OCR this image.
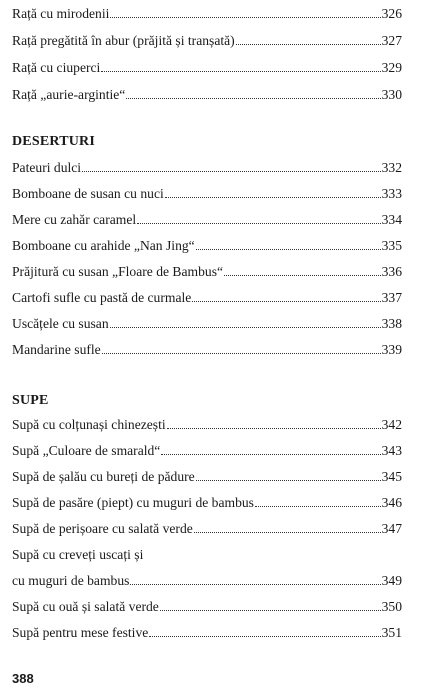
Rață cu mirodenii	326
Rață pregătită în abur (prăjită și tranșată)	327
Rață cu ciuperci	329
Rață „aurie-argintie“	330
DESERTURI
Pateuri dulci	332
Bomboane de susan cu nuci	333
Mere cu zahăr caramel	334
Bomboane cu arahide „Nan Jing“	335
Prăjitură cu susan „Floare de Bambus“	336
Cartofi sufle cu pastă de curmale	337
Uscățele cu susan	338
Mandarine sufle	339
SUPE
Supă cu colțunași chinezești	342
Supă „Culoare de smarald“	343
Supă de șalău cu bureți de pădure	345
Supă de pasăre (piept) cu muguri de bambus	346
Supă de perișoare cu salată verde	347
Supă cu creveți uscați și
cu muguri de bambus	349
Supă cu ouă și salată verde	350
Supă pentru mese festive	351
388
